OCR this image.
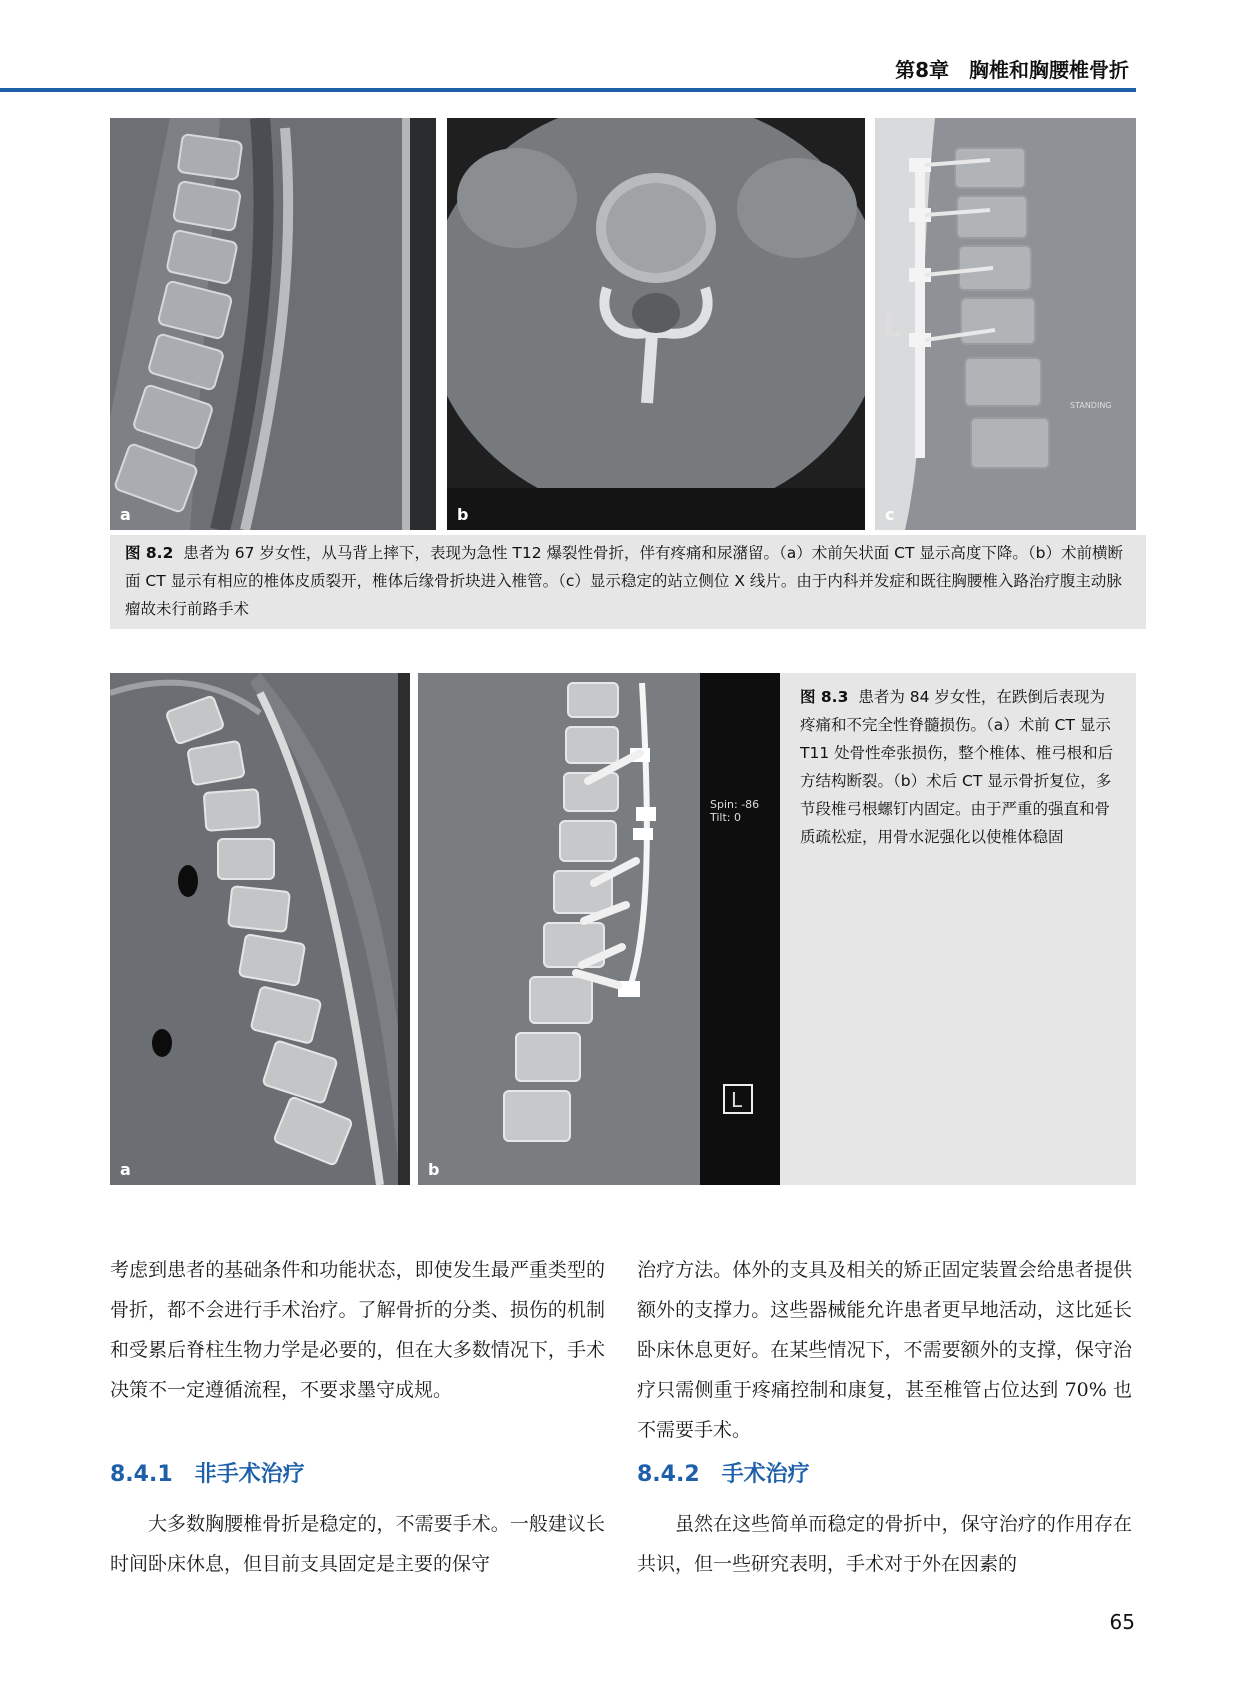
第8章　胸椎和胸腰椎骨折
a	b
L
PAP
STANDING
c
图 8.2 患者为 67 岁女性，从马背上摔下，表现为急性 T12 爆裂性骨折，伴有疼痛和尿潴留。（a）术前矢状面 CT 显示高度下降。（b）术前横断面 CT 显示有相应的椎体皮质裂开，椎体后缘骨折块进入椎管。（c）显示稳定的站立侧位 X 线片。由于内科并发症和既往胸腰椎入路治疗腹主动脉瘤故未行前路手术
a
Spin: -86
Tilt: 0
L
b
图 8.3 患者为 84 岁女性，在跌倒后表现为疼痛和不完全性脊髓损伤。（a）术前 CT 显示 T11 处骨性牵张损伤，整个椎体、椎弓根和后方结构断裂。（b）术后 CT 显示骨折复位，多节段椎弓根螺钉内固定。由于严重的强直和骨质疏松症，用骨水泥强化以使椎体稳固
考虑到患者的基础条件和功能状态，即使发生最严重类型的骨折，都不会进行手术治疗。了解骨折的分类、损伤的机制和受累后脊柱生物力学是必要的，但在大多数情况下，手术决策不一定遵循流程，不要求墨守成规。
治疗方法。体外的支具及相关的矫正固定装置会给患者提供额外的支撑力。这些器械能允许患者更早地活动，这比延长卧床休息更好。在某些情况下，不需要额外的支撑，保守治疗只需侧重于疼痛控制和康复，甚至椎管占位达到 70% 也不需要手术。
8.4.1 非手术治疗	8.4.2 手术治疗
大多数胸腰椎骨折是稳定的，不需要手术。一般建议长时间卧床休息，但目前支具固定是主要的保守
虽然在这些简单而稳定的骨折中，保守治疗的作用存在共识，但一些研究表明，手术对于外在因素的
65
